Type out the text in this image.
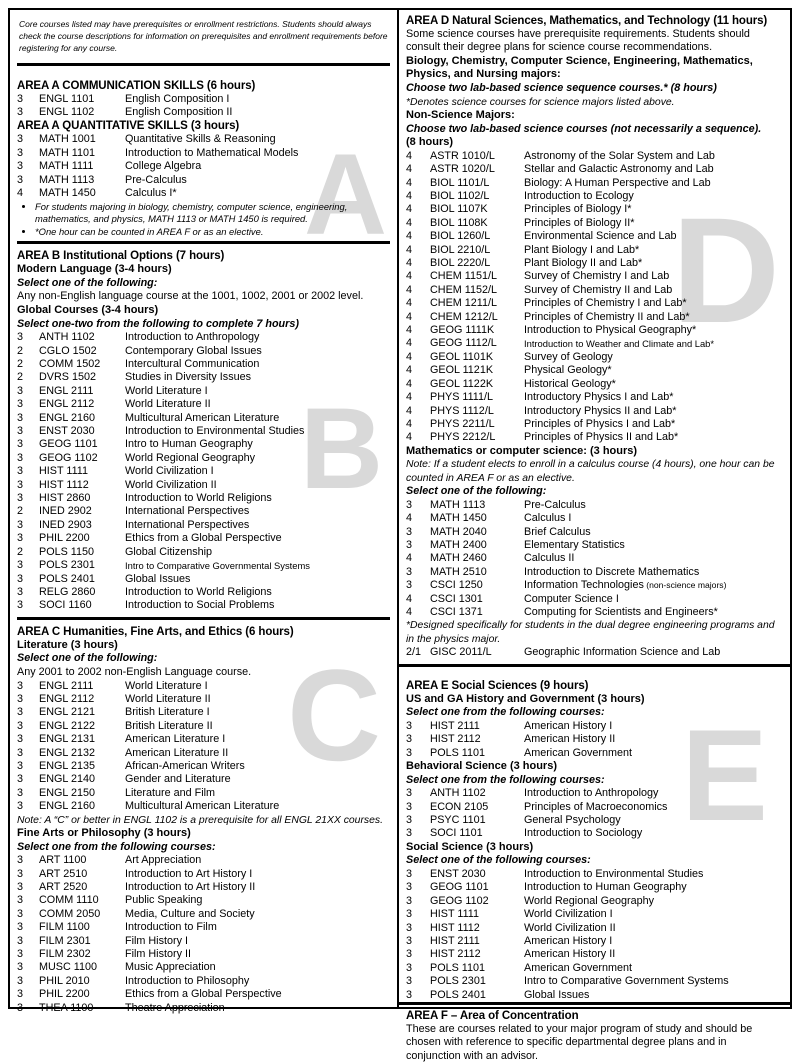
A
B
C
Core courses listed may have prerequisites or enrollment restrictions. Students should always check the course descriptions for information on prerequisites and enrollment requirements before registering for any course.
AREA A COMMUNICATION SKILLS (6 hours)
3	ENGL 1101	English Composition I
3	ENGL 1102	English Composition II
AREA A QUANTITATIVE SKILLS (3 hours)
3	MATH 1001	Quantitative Skills & Reasoning
3	MATH 1101	Introduction to Mathematical Models
3	MATH 1111	College Algebra
3	MATH 1113	Pre-Calculus
4	MATH 1450	Calculus I*
• For students majoring in biology, chemistry, computer science, engineering, mathematics, and physics, MATH 1113 or MATH 1450 is required.
• *One hour can be counted in AREA F or as an elective.
AREA B Institutional Options (7 hours)
Modern Language (3-4 hours)
Select one of the following:
Any non-English language course at the 1001, 1002, 2001 or 2002 level.
Global Courses (3-4 hours)
Select one-two from the following to complete 7 hours)
3	ANTH 1102	Introduction to Anthropology
2	CGLO 1502	Contemporary Global Issues
2	COMM 1502	Intercultural Communication
2	DVRS 1502	Studies in Diversity Issues
3	ENGL 2111	World Literature I
3	ENGL 2112	World Literature II
3	ENGL 2160	Multicultural American Literature
3	ENST 2030	Introduction to Environmental Studies
3	GEOG 1101	Intro to Human Geography
3	GEOG 1102	World Regional Geography
3	HIST 1111	World Civilization I
3	HIST 1112	World Civilization II
3	HIST 2860	Introduction to World Religions
2	INED 2902	International Perspectives
3	INED 2903	International Perspectives
3	PHIL 2200	Ethics from a Global Perspective
2	POLS 1150	Global Citizenship
3	POLS 2301	Intro to Comparative Governmental Systems
3	POLS 2401	Global Issues
3	RELG 2860	Introduction to World Religions
3	SOCI 1160	Introduction to Social Problems
AREA C Humanities, Fine Arts, and Ethics (6 hours)
Literature (3 hours)
Select one of the following:
Any 2001 to 2002 non-English Language course.
3	ENGL 2111	World Literature I
3	ENGL 2112	World Literature II
3	ENGL 2121	British Literature I
3	ENGL 2122	British Literature II
3	ENGL 2131	American Literature I
3	ENGL 2132	American Literature II
3	ENGL 2135	African-American Writers
3	ENGL 2140	Gender and Literature
3	ENGL 2150	Literature and Film
3	ENGL 2160	Multicultural American Literature
Note: A “C” or better in ENGL 1102 is a prerequisite for all ENGL 21XX courses.
Fine Arts or Philosophy (3 hours)
Select one from the following courses:
3	ART 1100	Art Appreciation
3	ART 2510	Introduction to Art History I
3	ART 2520	Introduction to Art History II
3	COMM 1110	Public Speaking
3	COMM 2050	Media, Culture and Society
3	FILM 1100	Introduction to Film
3	FILM 2301	Film History I
3	FILM 2302	Film History II
3	MUSC 1100	Music Appreciation
3	PHIL 2010	Introduction to Philosophy
3	PHIL 2200	Ethics from a Global Perspective
3	THEA 1100	Theatre Appreciation
D
E
AREA D Natural Sciences, Mathematics, and Technology (11 hours)
Some science courses have prerequisite requirements. Students should consult their degree plans for science course recommendations.
Biology, Chemistry, Computer Science, Engineering, Mathematics, Physics, and Nursing majors:
Choose two lab-based science sequence courses.* (8 hours)
*Denotes science courses for science majors listed above.
Non-Science Majors:
Choose two lab-based science courses (not necessarily a sequence).
(8 hours)
4	ASTR 1010/L	Astronomy of the Solar System and Lab
4	ASTR 1020/L	Stellar and Galactic Astronomy and Lab
4	BIOL 1101/L	Biology: A Human Perspective and Lab
4	BIOL 1102/L	Introduction to Ecology
4	BIOL 1107K	Principles of Biology I*
4	BIOL 1108K	Principles of Biology II*
4	BIOL 1260/L	Environmental Science and Lab
4	BIOL 2210/L	Plant Biology I and Lab*
4	BIOL 2220/L	Plant Biology II and Lab*
4	CHEM 1151/L	Survey of Chemistry I and Lab
4	CHEM 1152/L	Survey of Chemistry II and Lab
4	CHEM 1211/L	Principles of Chemistry I and Lab*
4	CHEM 1212/L	Principles of Chemistry II and Lab*
4	GEOG 1111K	Introduction to Physical Geography*
4	GEOG 1112/L	Introduction to Weather and Climate and Lab*
4	GEOL 1101K	Survey of Geology
4	GEOL 1121K	Physical Geology*
4	GEOL 1122K	Historical Geology*
4	PHYS 1111/L	Introductory Physics I and Lab*
4	PHYS 1112/L	Introductory Physics II and Lab*
4	PHYS 2211/L	Principles of Physics I and Lab*
4	PHYS 2212/L	Principles of Physics II and Lab*
Mathematics or computer science: (3 hours)
Note: If a student elects to enroll in a calculus course (4 hours), one hour can be counted in AREA F or as an elective.
Select one of the following:
3	MATH 1113	Pre-Calculus
4	MATH 1450	Calculus I
3	MATH 2040	Brief Calculus
3	MATH 2400	Elementary Statistics
4	MATH 2460	Calculus II
3	MATH 2510	Introduction to Discrete Mathematics
3	CSCI 1250	Information Technologies (non-science majors)
4	CSCI 1301	Computer Science I
4	CSCI 1371	Computing for Scientists and Engineers*
*Designed specifically for students in the dual degree engineering programs and in the physics major.
2/1 GISC 2011/L	Geographic Information Science and Lab
AREA E Social Sciences (9 hours)
US and GA History and Government (3 hours)
Select one from the following courses:
3	HIST 2111	American History I
3	HIST 2112	American History II
3	POLS 1101	American Government
Behavioral Science (3 hours)
Select one from the following courses:
3	ANTH 1102	Introduction to Anthropology
3	ECON 2105	Principles of Macroeconomics
3	PSYC 1101	General Psychology
3	SOCI 1101	Introduction to Sociology
Social Science (3 hours)
Select one of the following courses:
3	ENST 2030	Introduction to Environmental Studies
3	GEOG 1101	Introduction to Human Geography
3	GEOG 1102	World Regional Geography
3	HIST 1111	World Civilization I
3	HIST 1112	World Civilization II
3	HIST 2111	American History I
3	HIST 2112	American History II
3	POLS 1101	American Government
3	POLS 2301	Intro to Comparative Government Systems
3	POLS 2401	Global Issues
AREA F – Area of Concentration
These are courses related to your major program of study and should be chosen with reference to specific departmental degree plans and in conjunction with an advisor.
